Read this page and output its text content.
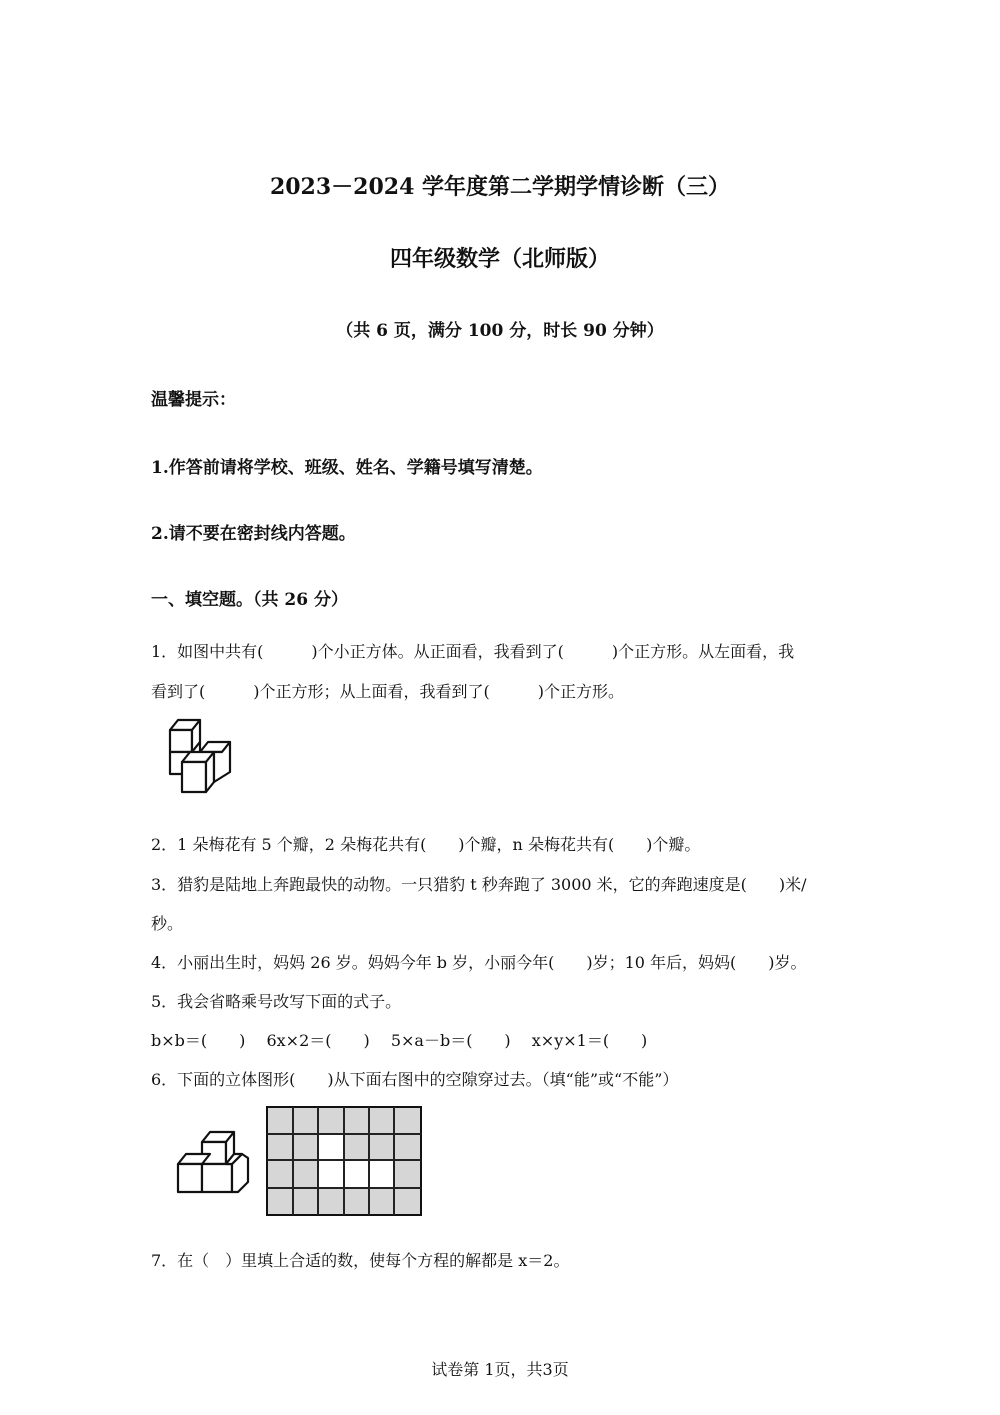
2023－2024 学年度第二学期学情诊断（三）
四年级数学（北师版）
（共 6 页，满分 100 分，时长 90 分钟）
温馨提示：
1.作答前请将学校、班级、姓名、学籍号填写清楚。
2.请不要在密封线内答题。
一、填空题。（共 26 分）
1．如图中共有(　　　)个小正方体。从正面看，我看到了(　　　)个正方形。从左面看，我
看到了(　　　)个正方形；从上面看，我看到了(　　　)个正方形。
2．1 朵梅花有 5 个瓣，2 朵梅花共有(　　)个瓣，n 朵梅花共有(　　)个瓣。
3．猎豹是陆地上奔跑最快的动物。一只猎豹 t 秒奔跑了 3000 米，它的奔跑速度是(　　)米/
秒。
4．小丽出生时，妈妈 26 岁。妈妈今年 b 岁，小丽今年(　　)岁；10 年后，妈妈(　　)岁。
5．我会省略乘号改写下面的式子。
b×b＝(　　)　 6x×2＝(　　)　 5×a－b＝(　　)　 x×y×1＝(　　)
6．下面的立体图形(　　)从下面右图中的空隙穿过去。（填“能”或“不能”）
7．在（　）里填上合适的数，使每个方程的解都是 x＝2。
试卷第 1页，共3页
